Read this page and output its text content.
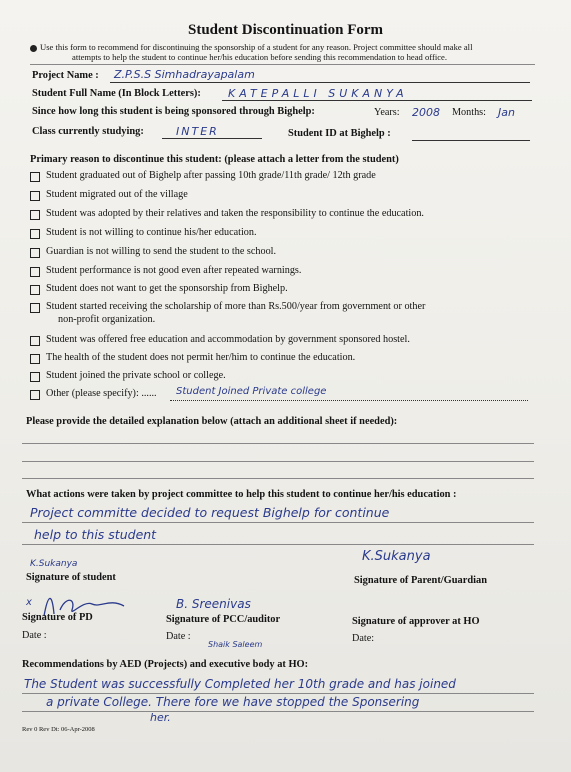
Student Discontinuation Form
Use this form to recommend for discontinuing the sponsorship of a student for any reason. Project committee should make all
attempts to help the student to continue her/his education before sending this recommendation to head office.
Project Name : Z.P.S.S Simhadrayapalam
Student Full Name (In Block Letters): KATEPALLI SUKANYA
Since how long this student is being sponsored through Bighelp:	Years: 2008 Months: Jan
Class currently studying:	INTER	Student ID at Bighelp :
Primary reason to discontinue this student: (please attach a letter from the student)
Student graduated out of Bighelp after passing 10th grade/11th grade/ 12th grade
Student migrated out of the village
Student was adopted by their relatives and taken the responsibility to continue the education.
Student is not willing to continue his/her education.
Guardian is not willing to send the student to the school.
Student performance is not good even after repeated warnings.
Student does not want to get the sponsorship from Bighelp.
Student started receiving the scholarship of more than Rs.500/year from government or other
non-profit organization.
Student was offered free education and accommodation by government sponsored hostel.
The health of the student does not permit her/him to continue the education.
Student joined the private school or college.
Other (please specify): ...... Student Joined Private college
Please provide the detailed explanation below (attach an additional sheet if needed):
What actions were taken by project committee to help this student to continue her/his education :
Project committe decided to request Bighelp for continue
help to this student
K.Sukanya
Signature of student
K.Sukanya
Signature of Parent/Guardian
x
Signature of PD
Date :
B. Sreenivas
Signature of PCC/auditor
Date :
Shaik Saleem
Signature of approver at HO
Date:
Recommendations by AED (Projects) and executive body at HO:
The Student was successfully Completed her 10th grade and has joined
a private College. There fore we have stopped the Sponsering
her.
Rev 0 Rev Dt: 06-Apr-2008
